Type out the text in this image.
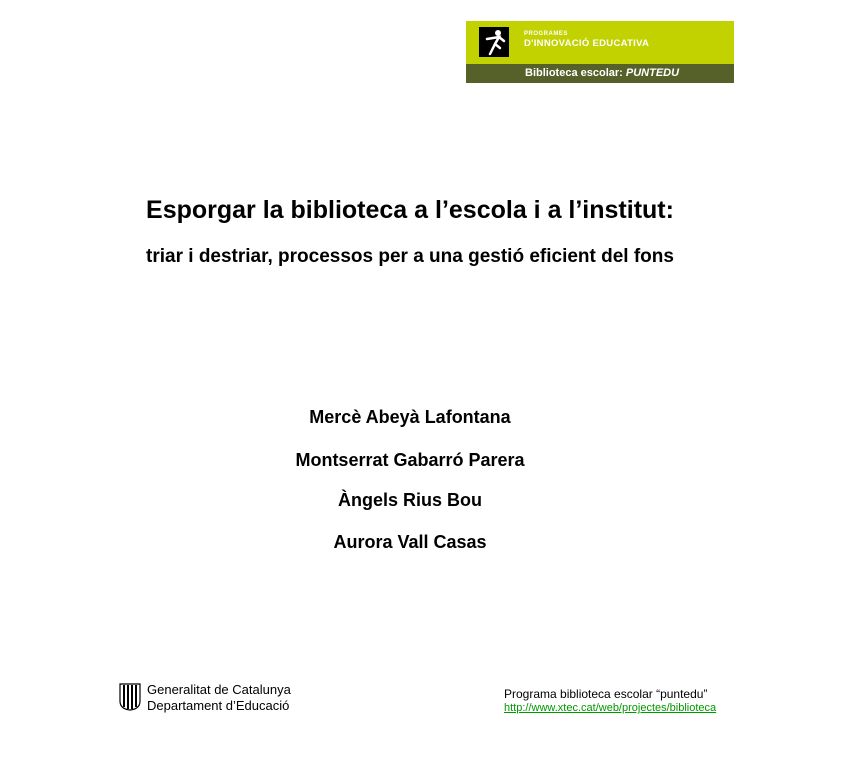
PROGRAMES
D'INNOVACIÓ EDUCATIVA
Biblioteca escolar: PUNTEDU
Esporgar la biblioteca a l’escola i a l’institut:
triar i destriar, processos per a una gestió eficient del fons
Mercè Abeyà Lafontana
Montserrat Gabarró Parera
Àngels Rius Bou
Aurora Vall Casas
Generalitat de Catalunya
Departament d’Educació
Programa biblioteca escolar “puntedu”
http://www.xtec.cat/web/projectes/biblioteca
